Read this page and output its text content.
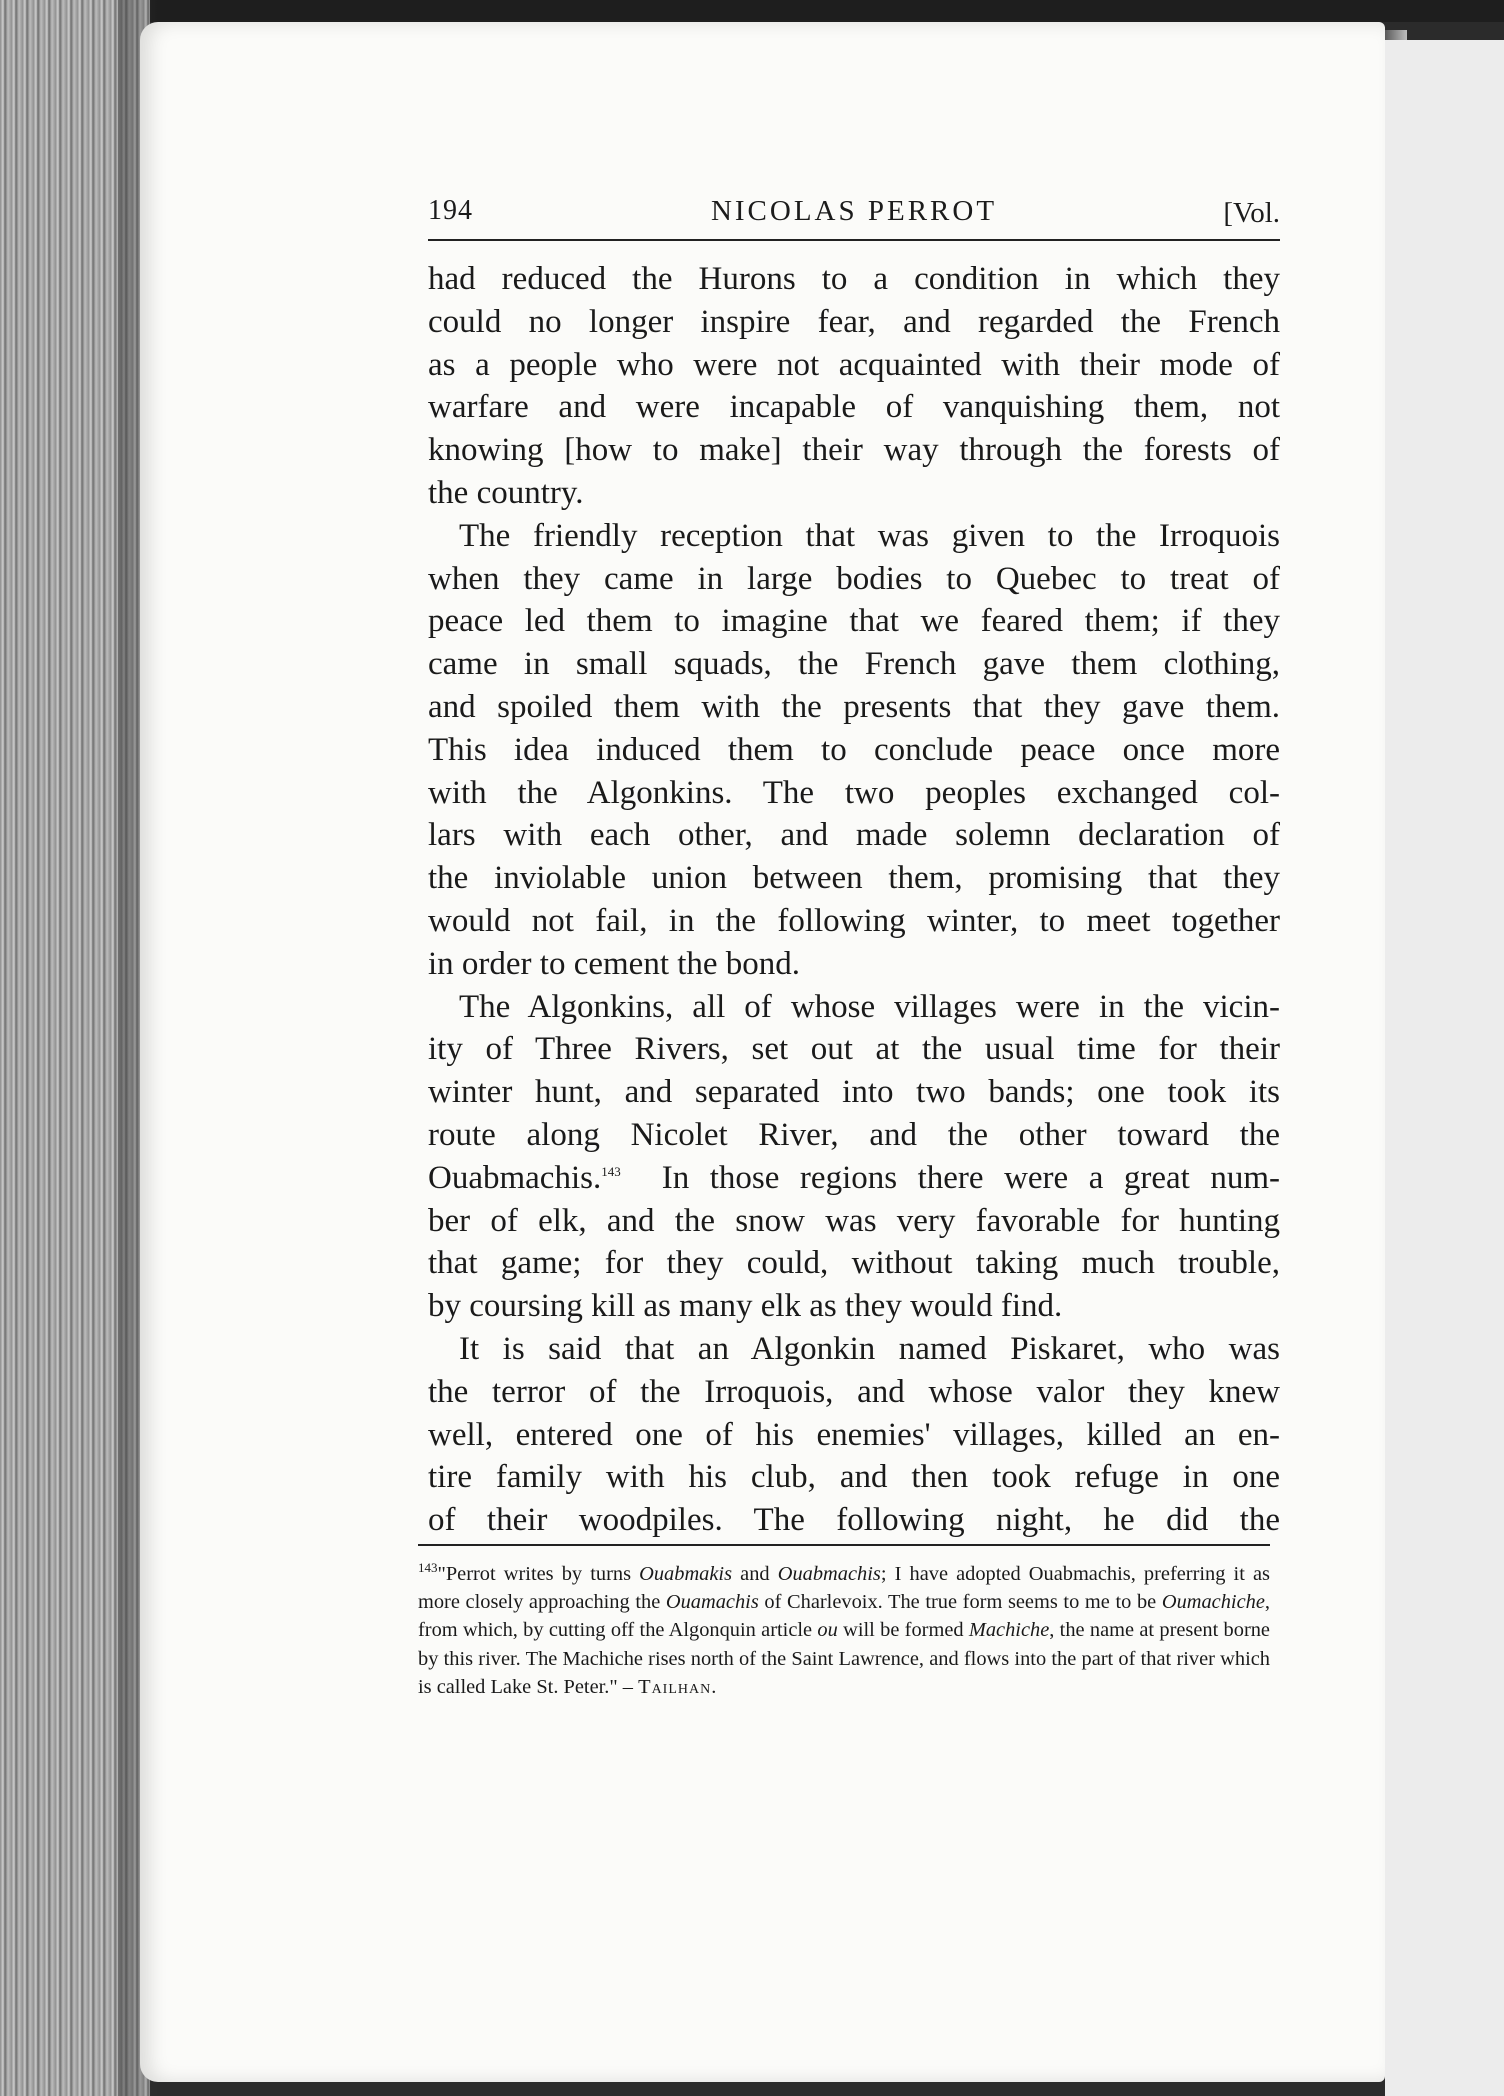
194	NICOLAS PERROT	[Vol.

had reduced the Hurons to a condition in which they

could no longer inspire fear, and regarded the French

as a people who were not acquainted with their mode of

warfare and were incapable of vanquishing them, not

knowing [how to make] their way through the forests of

the country.

The friendly reception that was given to the Irroquois

when they came in large bodies to Quebec to treat of

peace led them to imagine that we feared them; if they

came in small squads, the French gave them clothing,

and spoiled them with the presents that they gave them.

This idea induced them to conclude peace once more

with the Algonkins. The two peoples exchanged col-

lars with each other, and made solemn declaration of

the inviolable union between them, promising that they

would not fail, in the following winter, to meet together

in order to cement the bond.

The Algonkins, all of whose villages were in the vicin-

ity of Three Rivers, set out at the usual time for their

winter hunt, and separated into two bands; one took its

route along Nicolet River, and the other toward the

Ouabmachis.$^{143}$ In those regions there were a great num-

ber of elk, and the snow was very favorable for hunting

that game; for they could, without taking much trouble,

by coursing kill as many elk as they would find.

It is said that an Algonkin named Piskaret, who was

the terror of the Irroquois, and whose valor they knew

well, entered one of his enemies' villages, killed an en-

tire family with his club, and then took refuge in one

of their woodpiles. The following night, he did the

$^{143}$"Perrot writes by turns Ouabmakis and Ouabmachis; I have adopted Ouabmachis, preferring it as more closely approaching the Ouamachis of Charlevoix. The true form seems to me to be Oumachiche, from which, by cutting off the Algonquin article ou will be formed Machiche, the name at present borne by this river. The Machiche rises north of the Saint Lawrence, and flows into the part of that river which is called Lake St. Peter." – Tailhan.
